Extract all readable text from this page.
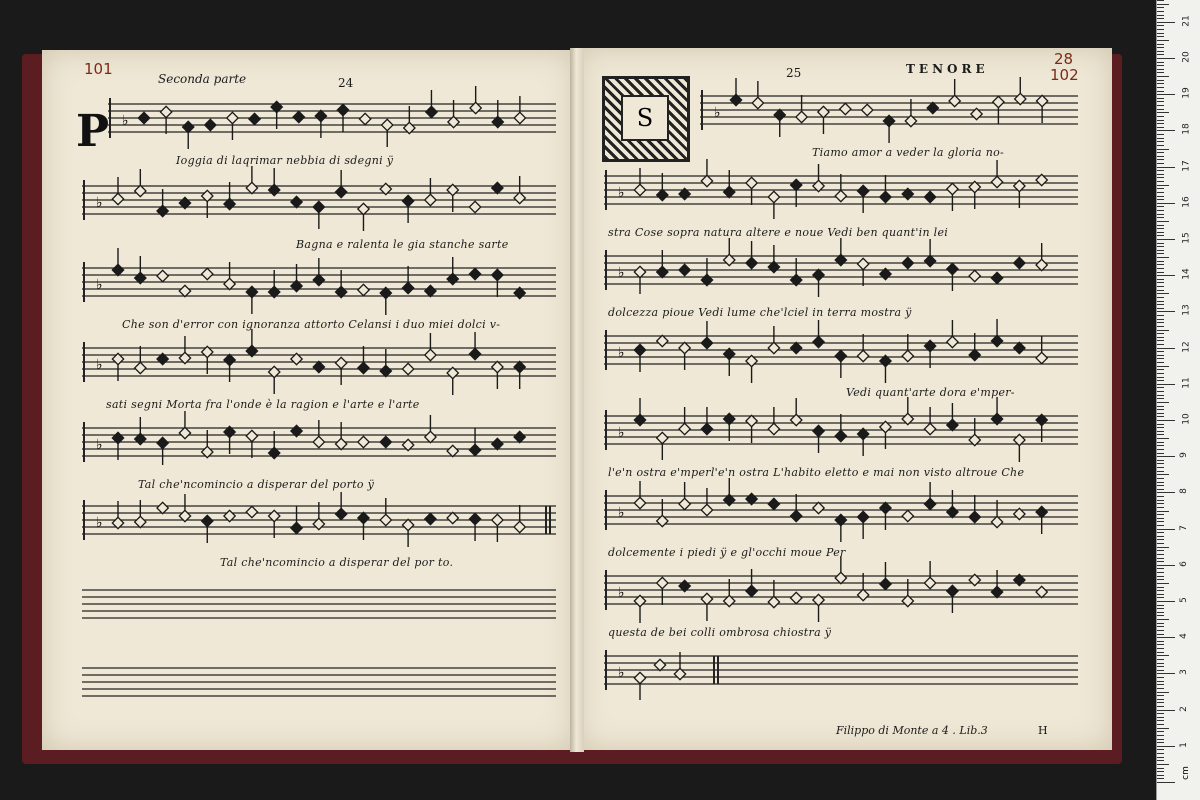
101
Seconda parte	24
P ♭
Ioggia di laqrimar nebbia di sdegni ÿ
♭
Bagna e ralenta le gia stanche sarte
♭
Che son d'error con ignoranza attorto Celansi i duo miei dolci v-
♭
sati segni Morta fra l'onde è la ragion e l'arte e l'arte
♭
Tal che'ncomincio a disperar del porto ÿ
♭
Tal che'ncomincio a disperar del por to.
S
25	TENORE
28
102
♭
Tiamo amor a veder la gloria no-
♭
stra Cose sopra natura altere e noue Vedi ben quant'in lei
♭
dolcezza pioue Vedi lume che'lciel in terra mostra ÿ
♭
Vedi quant'arte dora e'mper-
♭
l'e'n ostra e'mperl'e'n ostra L'habito eletto e mai non visto altroue Che
♭
dolcemente i piedi ÿ e gl'occhi moue Per
♭
questa de bei colli ombrosa chiostra ÿ
♭
Filippo di Monte a 4 . Lib.3	H
cm
1
2
3
4
5
6
7
8
9
10
11
12
13
14
15
16
17
18
19
20
21
